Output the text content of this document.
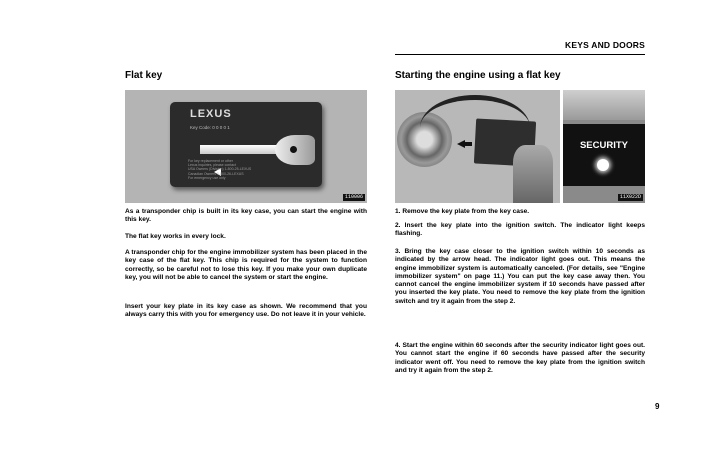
KEYS AND DOORS
Flat key
LEXUS
Key Code: 0 0 0 0 1
For key replacement or other
Lexus inquiries, please contact
USA Owners (Division) 1-800-25-LEXUS
Canadian Owners 1-800-26-LEXUS
For emergency use only
110006
As a transponder chip is built in its key case, you can start the engine with this key.
The flat key works in every lock.
A transponder chip for the engine immobilizer system has been placed in the key case of the flat key. This chip is required for the system to function correctly, so be careful not to lose this key. If you make your own duplicate key, you will not be able to cancel the system or start the engine.
Insert your key plate in its key case as shown. We recommend that you always carry this with you for emergency use. Do not leave it in your vehicle.
Starting the engine using a flat key
SECURITY
11X022D
1. Remove the key plate from the key case.
2. Insert the key plate into the ignition switch. The indicator light keeps flashing.
3. Bring the key case closer to the ignition switch within 10 seconds as indicated by the arrow head. The indicator light goes out. This means the engine immobilizer system is automatically canceled. (For details, see "Engine immobilizer system" on page 11.) You can put the key case away then. You cannot cancel the engine immobilizer system if 10 seconds have passed after you inserted the key plate. You need to remove the key plate from the ignition switch and try it again from the step 2.
4. Start the engine within 60 seconds after the security indicator light goes out. You cannot start the engine if 60 seconds have passed after the security indicator went off. You need to remove the key plate from the ignition switch and try it again from the step 2.
9
